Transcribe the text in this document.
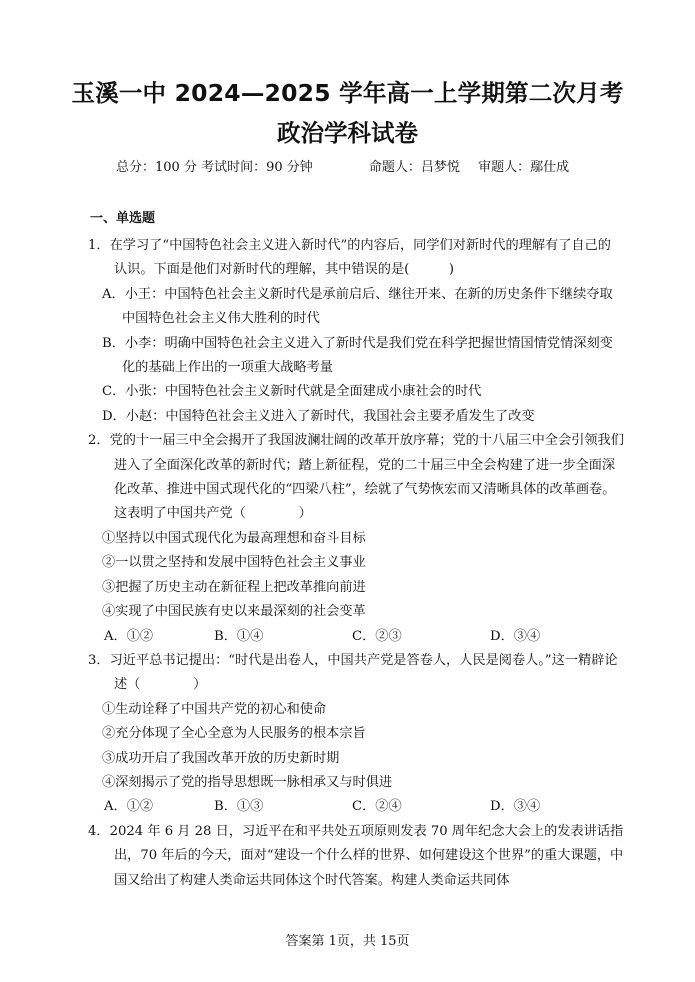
玉溪一中 2024—2025 学年高一上学期第二次月考
政治学科试卷
总分：100 分 考试时间：90 分钟	命题人：吕梦悦 审题人：鄢仕成
一、单选题

1．在学习了“中国特色社会主义进入新时代”的内容后，同学们对新时代的理解有了自己的认识。下面是他们对新时代的理解，其中错误的是(　　　)

A．小王：中国特色社会主义新时代是承前启后、继往开来、在新的历史条件下继续夺取中国特色社会主义伟大胜利的时代

B．小李：明确中国特色社会主义进入了新时代是我们党在科学把握世情国情党情深刻变化的基础上作出的一项重大战略考量

C．小张：中国特色社会主义新时代就是全面建成小康社会的时代

D．小赵：中国特色社会主义进入了新时代，我国社会主要矛盾发生了改变

2．党的十一届三中全会揭开了我国波澜壮阔的改革开放序幕；党的十八届三中全会引领我们进入了全面深化改革的新时代；踏上新征程，党的二十届三中全会构建了进一步全面深化改革、推进中国式现代化的“四梁八柱”，绘就了气势恢宏而又清晰具体的改革画卷。这表明了中国共产党（　　　　）

①坚持以中国式现代化为最高理想和奋斗目标

②一以贯之坚持和发展中国特色社会主义事业

③把握了历史主动在新征程上把改革推向前进

④实现了中国民族有史以来最深刻的社会变革

A．①②	B．①④	C．②③	D．③④

3．习近平总书记提出：“时代是出卷人，中国共产党是答卷人，人民是阅卷人。”这一精辟论述（　　　　）

①生动诠释了中国共产党的初心和使命

②充分体现了全心全意为人民服务的根本宗旨

③成功开启了我国改革开放的历史新时期

④深刻揭示了党的指导思想既一脉相承又与时俱进

A．①②	B．①③	C．②④	D．③④

4．2024 年 6 月 28 日，习近平在和平共处五项原则发表 70 周年纪念大会上的发表讲话指出，70 年后的今天，面对“建设一个什么样的世界、如何建设这个世界”的重大课题，中国又给出了构建人类命运共同体这个时代答案。构建人类命运共同体

答案第 1页，共 15页
